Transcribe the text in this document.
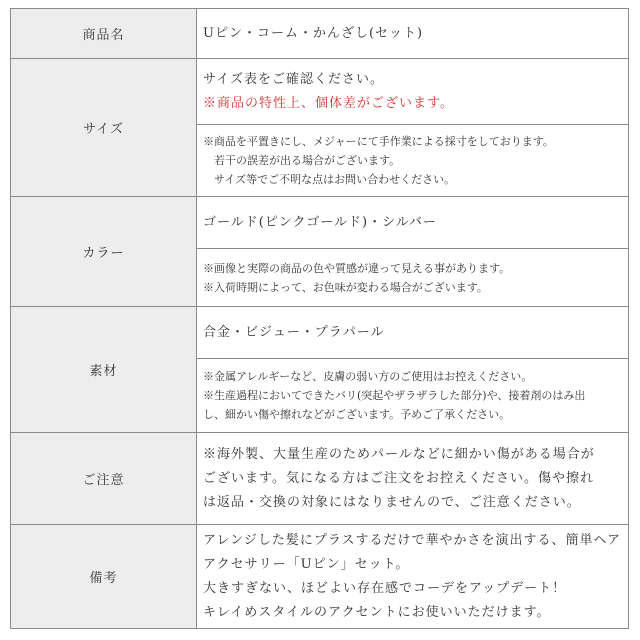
商品名	Uピン・コーム・かんざし(セット)
サイズ
サイズ表をご確認ください。
※商品の特性上、個体差がございます。
※商品を平置きにし、メジャーにて手作業による採寸をしております。
若干の誤差が出る場合がございます。
サイズ等でご不明な点はお問い合わせください。
カラー
ゴールド(ピンクゴールド)・シルバー
※画像と実際の商品の色や質感が違って見える事があります。
※入荷時期によって、お色味が変わる場合がございます。
素材
合金・ビジュー・プラパール
※金属アレルギーなど、皮膚の弱い方のご使用はお控えください。
※生産過程においてできたバリ(突起やザラザラした部分)や、接着剤のはみ出
し、細かい傷や擦れなどがございます。予めご了承ください。
ご注意
※海外製、大量生産のためパールなどに細かい傷がある場合が
ございます。気になる方はご注文をお控えください。傷や擦れ
は返品・交換の対象にはなりませんので、ご注意ください。
備考
アレンジした髪にプラスするだけで華やかさを演出する、簡単ヘア
アクセサリー「Uピン」セット。
大きすぎない、ほどよい存在感でコーデをアップデート！
キレイめスタイルのアクセントにお使いいただけます。
